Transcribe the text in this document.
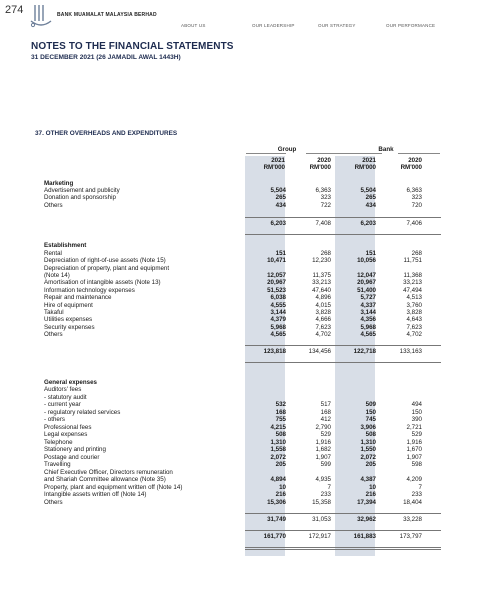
274	BANK MUAMALAT MALAYSIA BERHAD
ABOUT US	OUR LEADERSHIP	OUR STRATEGY	OUR PERFORMANCE
NOTES TO THE FINANCIAL STATEMENTS
31 DECEMBER 2021 (26 JAMADIL AWAL 1443H)
37. OTHER OVERHEADS AND EXPENDITURES
Group	Bank
2021	2020	2021	2020
RM'000	RM'000	RM'000	RM'000
Marketing
Advertisement and publicity	5,504	6,363	5,504	6,363
Donation and sponsorship	265	323	265	323
Others	434	722	434	720
6,203	7,408	6,203	7,406
Establishment
Rental	151	268	151	268
Depreciation of right-of-use assets (Note 15)	10,471	12,230	10,056	11,751
Depreciation of property, plant and equipment
(Note 14)	12,057	11,375	12,047	11,368
Amortisation of intangible assets (Note 13)	20,967	33,213	20,967	33,213
Information technology expenses	51,523	47,640	51,400	47,494
Repair and maintenance	6,038	4,896	5,727	4,513
Hire of equipment	4,555	4,015	4,337	3,760
Takaful	3,144	3,828	3,144	3,828
Utilities expenses	4,379	4,666	4,356	4,643
Security expenses	5,968	7,623	5,968	7,623
Others	4,565	4,702	4,565	4,702
123,818	134,456	122,718	133,163
General expenses
Auditors' fees
- statutory audit
- current year	532	517	509	494
- regulatory related services	168	168	150	150
- others	755	412	745	390
Professional fees	4,215	2,790	3,906	2,721
Legal expenses	508	529	508	529
Telephone	1,310	1,916	1,310	1,916
Stationery and printing	1,558	1,682	1,550	1,670
Postage and courier	2,072	1,907	2,072	1,907
Travelling	205	599	205	598
Chief Executive Officer, Directors remuneration
and Shariah Committee allowance (Note 35)	4,894	4,935	4,387	4,209
Property, plant and equipment written off (Note 14)	10	7	10	7
Intangible assets written off (Note 14)	216	233	216	233
Others	15,306	15,358	17,394	18,404
31,749	31,053	32,962	33,228
161,770	172,917	161,883	173,797
